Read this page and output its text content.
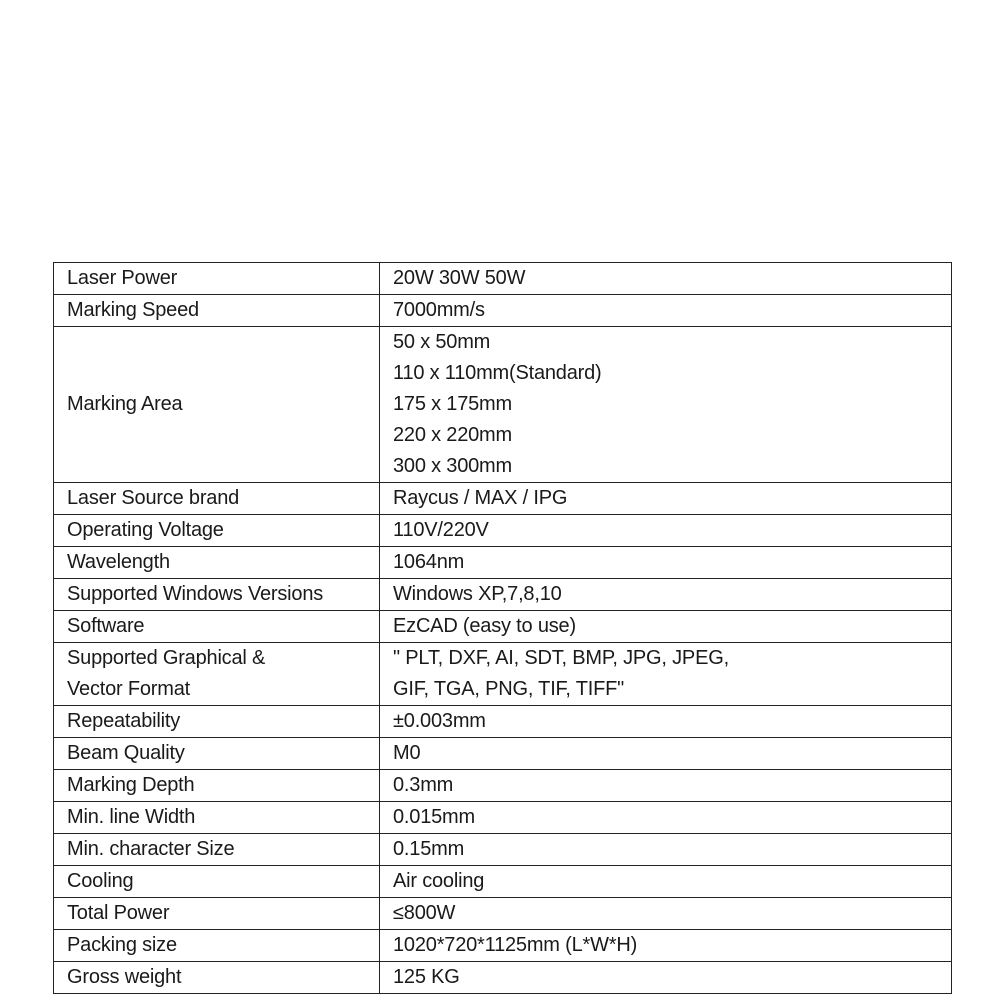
Laser Power	20W 30W 50W

Marking Speed	7000mm/s

Marking Area	50 x 50mm
110 x 110mm(Standard)
175 x 175mm
220 x 220mm
300 x 300mm

Laser Source brand	Raycus / MAX / IPG

Operating Voltage	110V/220V

Wavelength	1064nm

Supported Windows Versions	Windows XP,7,8,10

Software	EzCAD (easy to use)

Supported Graphical &
Vector Format	" PLT, DXF, AI, SDT, BMP, JPG, JPEG,
GIF, TGA, PNG, TIF, TIFF"

Repeatability	±0.003mm

Beam Quality	M0

Marking Depth	0.3mm

Min. line Width	0.015mm

Min. character Size	0.15mm

Cooling	Air cooling

Total Power	≤800W

Packing size	1020*720*1125mm (L*W*H)

Gross weight	125 KG
